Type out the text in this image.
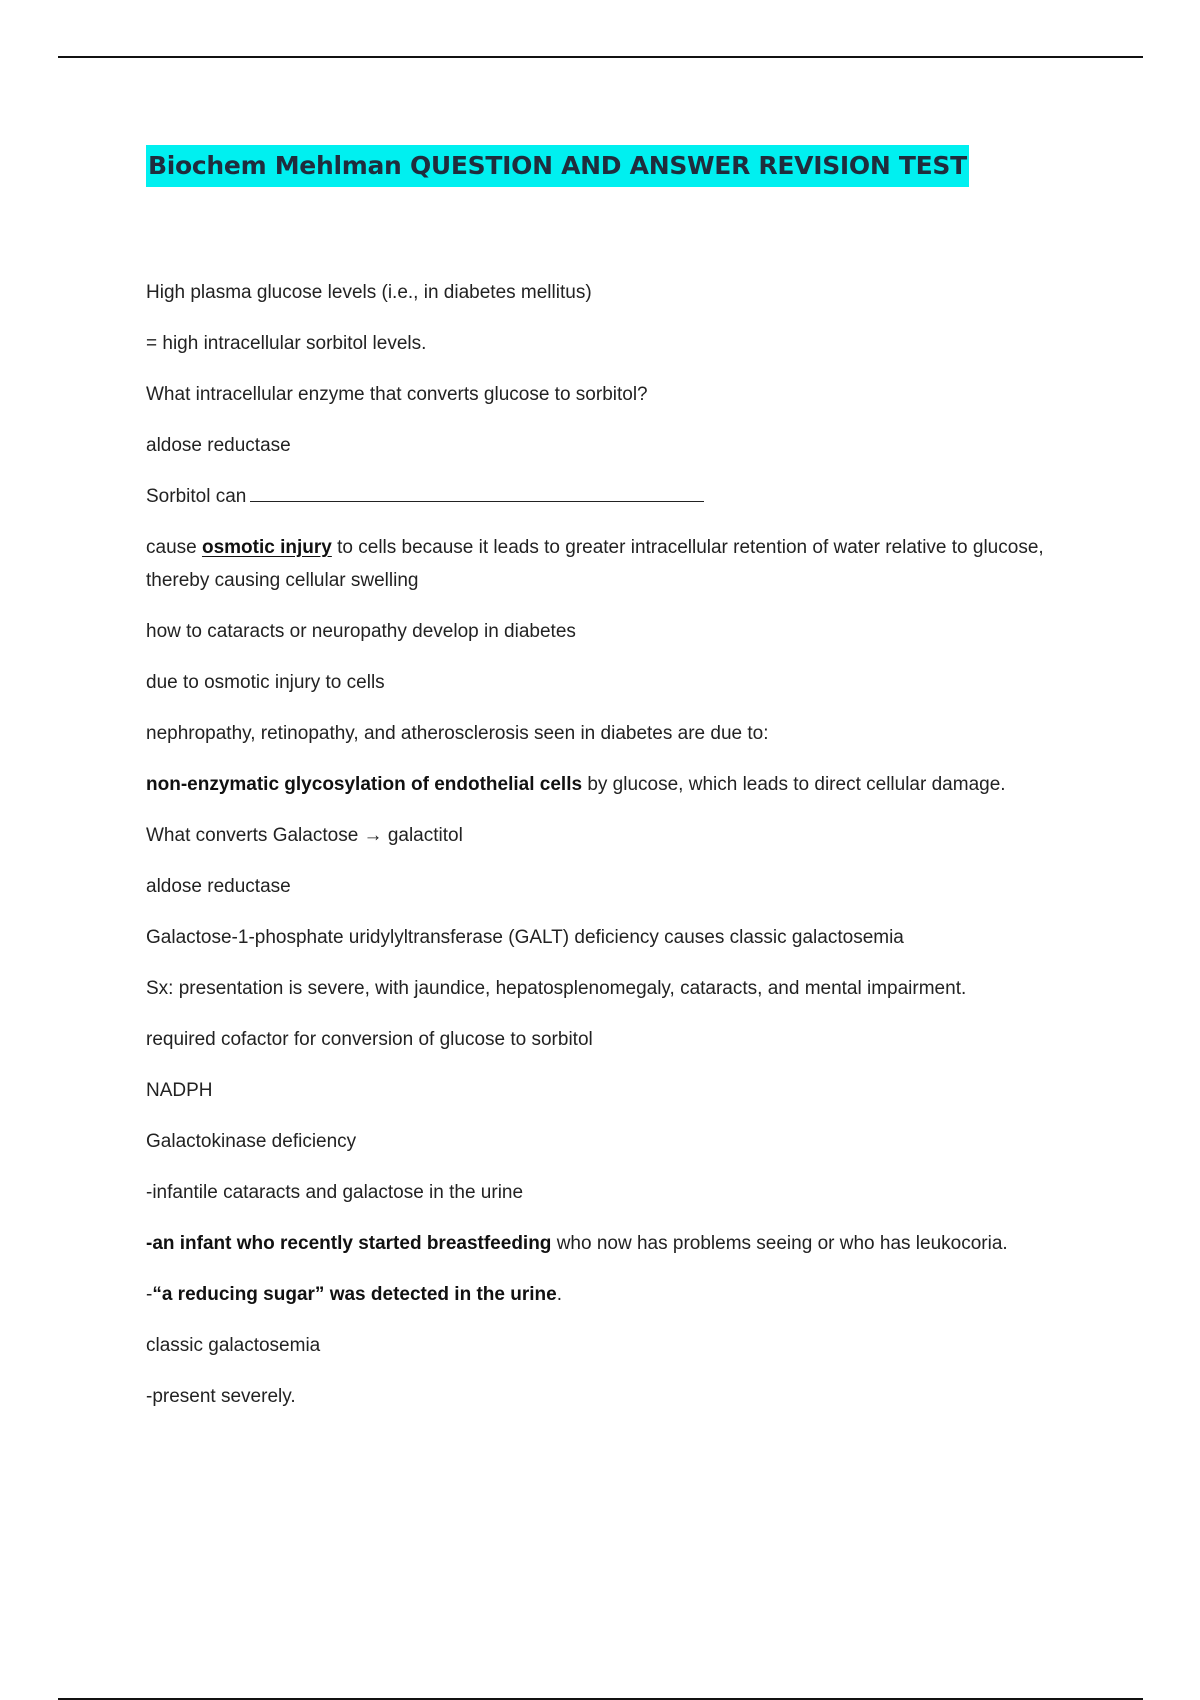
Biochem Mehlman QUESTION AND ANSWER REVISION TEST

High plasma glucose levels (i.e., in diabetes mellitus)

= high intracellular sorbitol levels.

What intracellular enzyme that converts glucose to sorbitol?

aldose reductase

Sorbitol can

cause osmotic injury to cells because it leads to greater intracellular retention of water relative to glucose, thereby causing cellular swelling

how to cataracts or neuropathy develop in diabetes

due to osmotic injury to cells

nephropathy, retinopathy, and atherosclerosis seen in diabetes are due to:

non-enzymatic glycosylation of endothelial cells by glucose, which leads to direct cellular damage.

What converts Galactose → galactitol

aldose reductase

Galactose-1-phosphate uridylyltransferase (GALT) deficiency causes classic galactosemia

Sx: presentation is severe, with jaundice, hepatosplenomegaly, cataracts, and mental impairment.

required cofactor for conversion of glucose to sorbitol

NADPH

Galactokinase deficiency

-infantile cataracts and galactose in the urine

-an infant who recently started breastfeeding who now has problems seeing or who has leukocoria.

-“a reducing sugar” was detected in the urine.

classic galactosemia

-present severely.
